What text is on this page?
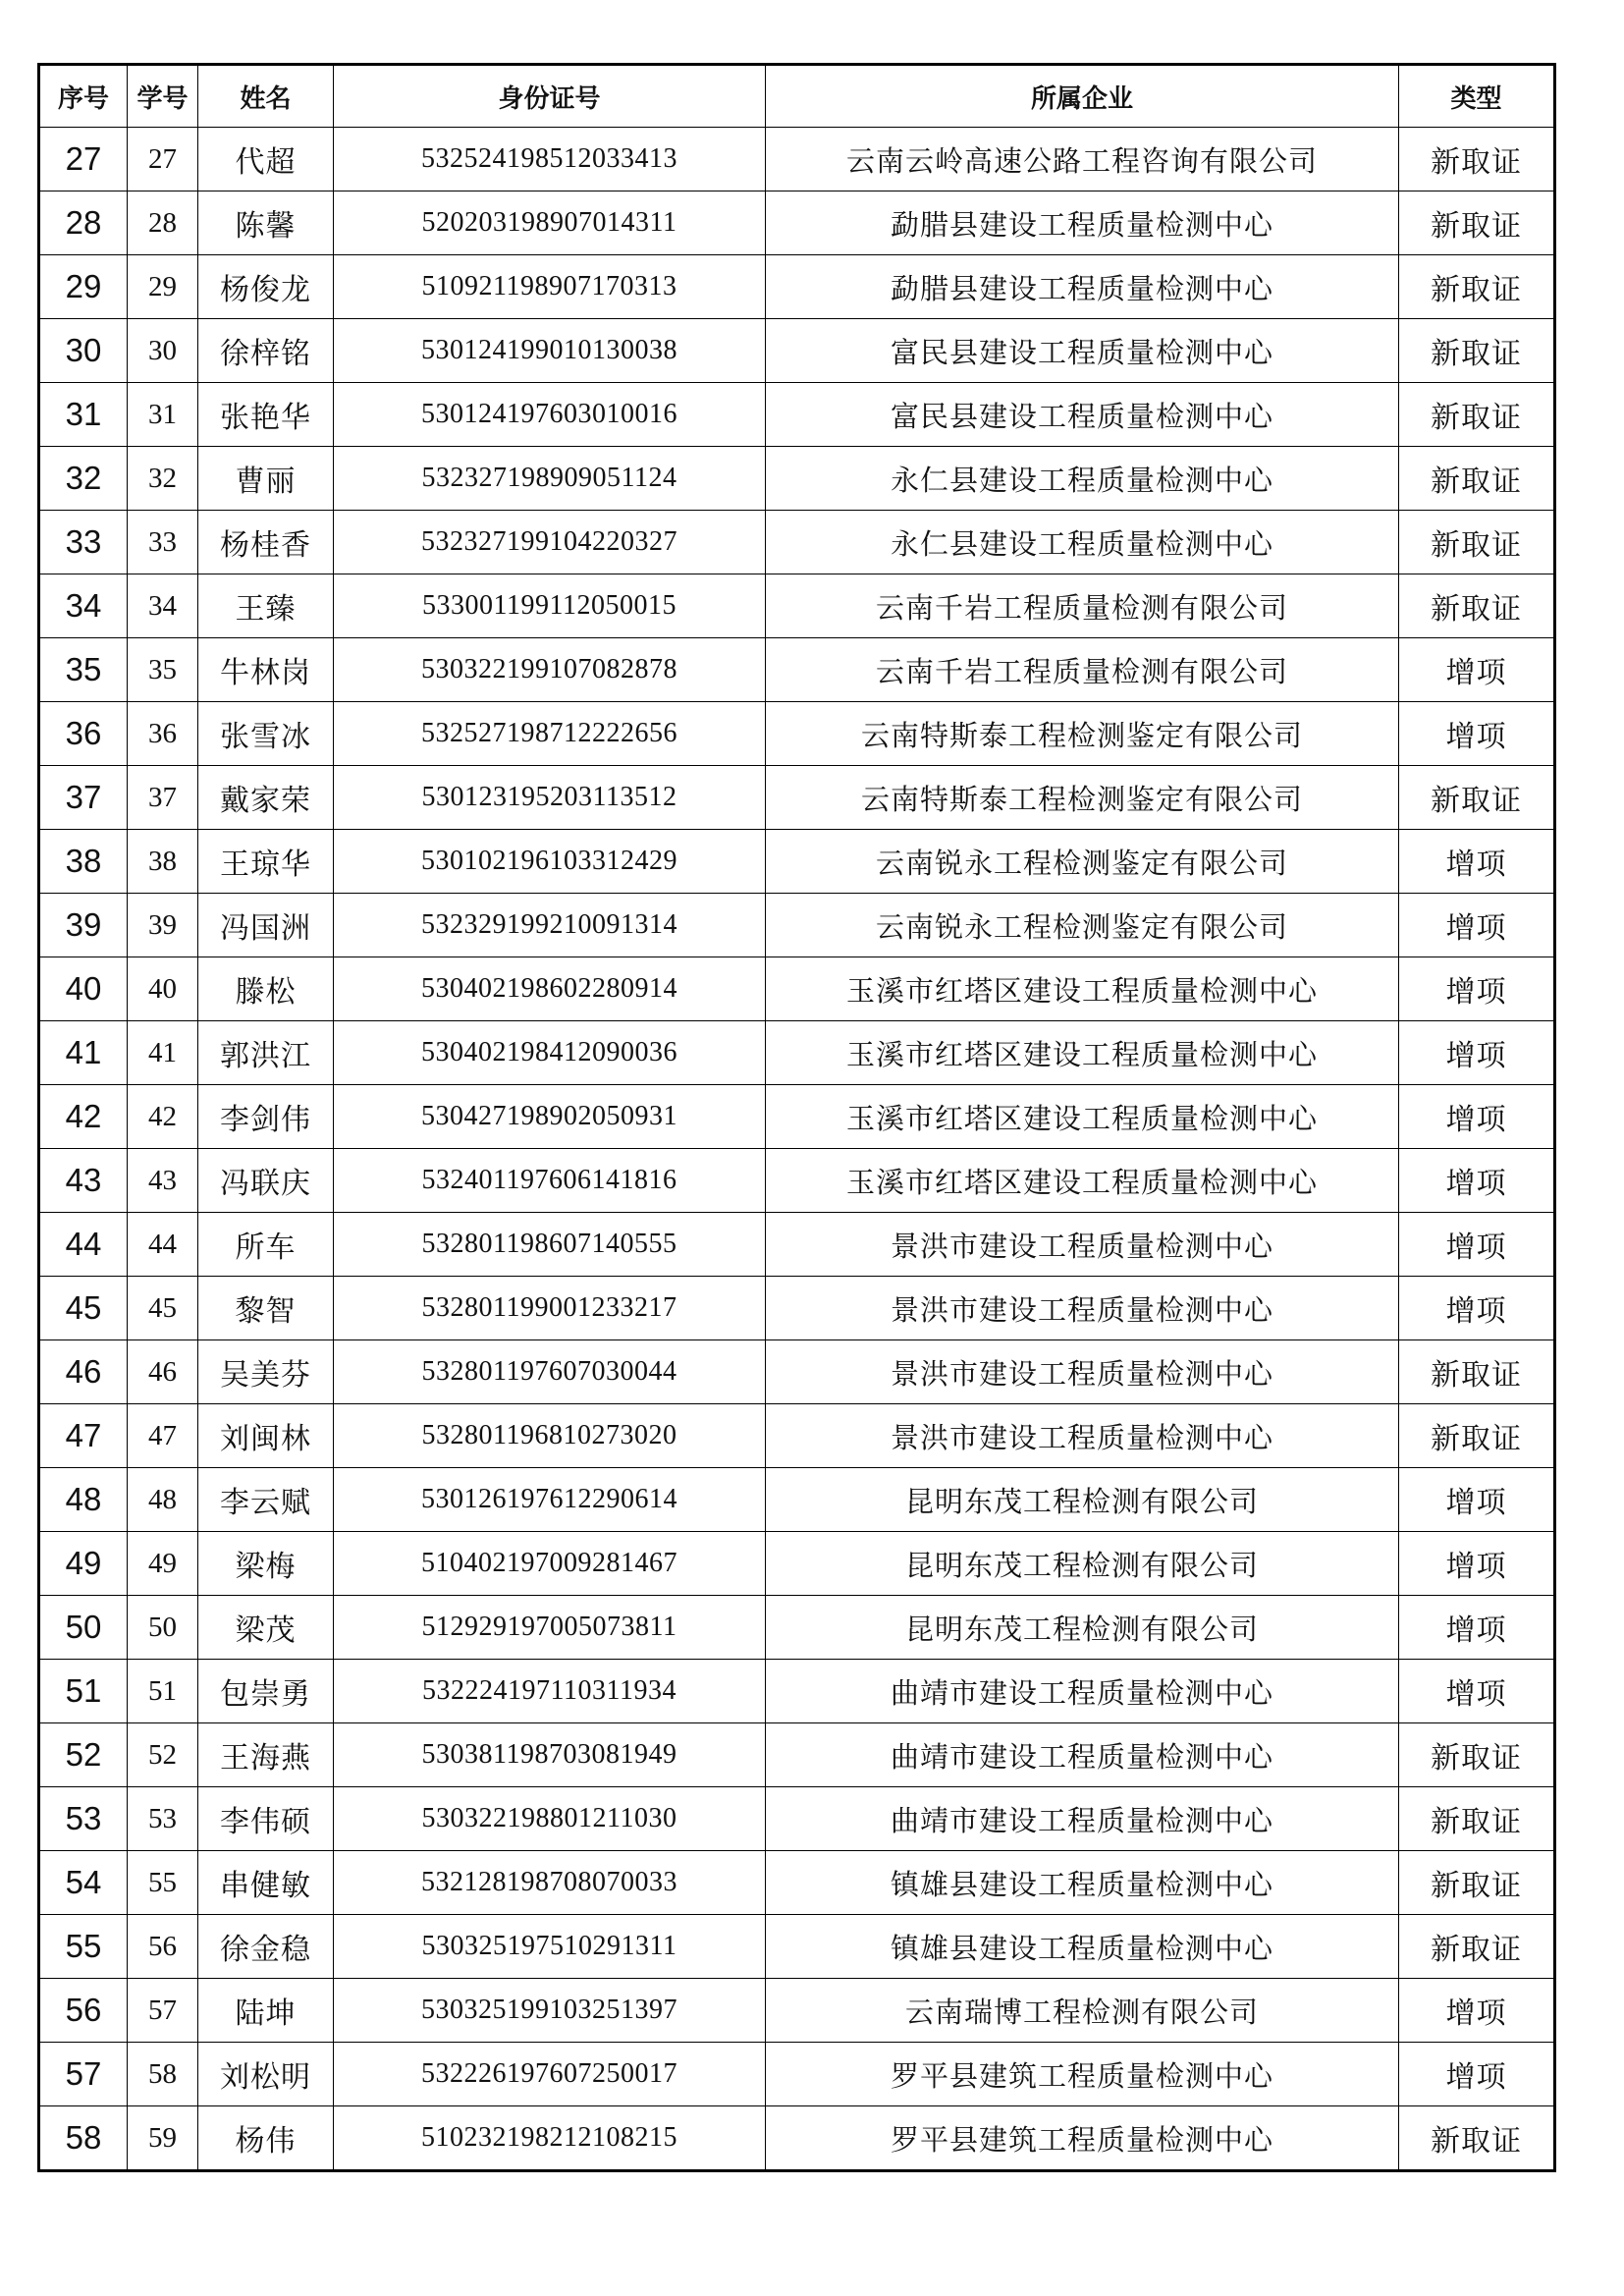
序号	学号	姓名	身份证号	所属企业	类型
27	27	代超	532524198512033413	云南云岭高速公路工程咨询有限公司	新取证
28	28	陈馨	520203198907014311	勐腊县建设工程质量检测中心	新取证
29	29	杨俊龙	510921198907170313	勐腊县建设工程质量检测中心	新取证
30	30	徐梓铭	530124199010130038	富民县建设工程质量检测中心	新取证
31	31	张艳华	530124197603010016	富民县建设工程质量检测中心	新取证
32	32	曹丽	532327198909051124	永仁县建设工程质量检测中心	新取证
33	33	杨桂香	532327199104220327	永仁县建设工程质量检测中心	新取证
34	34	王臻	533001199112050015	云南千岩工程质量检测有限公司	新取证
35	35	牛林岗	530322199107082878	云南千岩工程质量检测有限公司	增项
36	36	张雪冰	532527198712222656	云南特斯泰工程检测鉴定有限公司	增项
37	37	戴家荣	530123195203113512	云南特斯泰工程检测鉴定有限公司	新取证
38	38	王琼华	530102196103312429	云南锐永工程检测鉴定有限公司	增项
39	39	冯国洲	532329199210091314	云南锐永工程检测鉴定有限公司	增项
40	40	滕松	530402198602280914	玉溪市红塔区建设工程质量检测中心	增项
41	41	郭洪江	530402198412090036	玉溪市红塔区建设工程质量检测中心	增项
42	42	李剑伟	530427198902050931	玉溪市红塔区建设工程质量检测中心	增项
43	43	冯联庆	532401197606141816	玉溪市红塔区建设工程质量检测中心	增项
44	44	所车	532801198607140555	景洪市建设工程质量检测中心	增项
45	45	黎智	532801199001233217	景洪市建设工程质量检测中心	增项
46	46	吴美芬	532801197607030044	景洪市建设工程质量检测中心	新取证
47	47	刘闽林	532801196810273020	景洪市建设工程质量检测中心	新取证
48	48	李云赋	530126197612290614	昆明东茂工程检测有限公司	增项
49	49	梁梅	510402197009281467	昆明东茂工程检测有限公司	增项
50	50	梁茂	512929197005073811	昆明东茂工程检测有限公司	增项
51	51	包崇勇	532224197110311934	曲靖市建设工程质量检测中心	增项
52	52	王海燕	530381198703081949	曲靖市建设工程质量检测中心	新取证
53	53	李伟硕	530322198801211030	曲靖市建设工程质量检测中心	新取证
54	55	串健敏	532128198708070033	镇雄县建设工程质量检测中心	新取证
55	56	徐金稳	530325197510291311	镇雄县建设工程质量检测中心	新取证
56	57	陆坤	530325199103251397	云南瑞博工程检测有限公司	增项
57	58	刘松明	532226197607250017	罗平县建筑工程质量检测中心	增项
58	59	杨伟	510232198212108215	罗平县建筑工程质量检测中心	新取证
